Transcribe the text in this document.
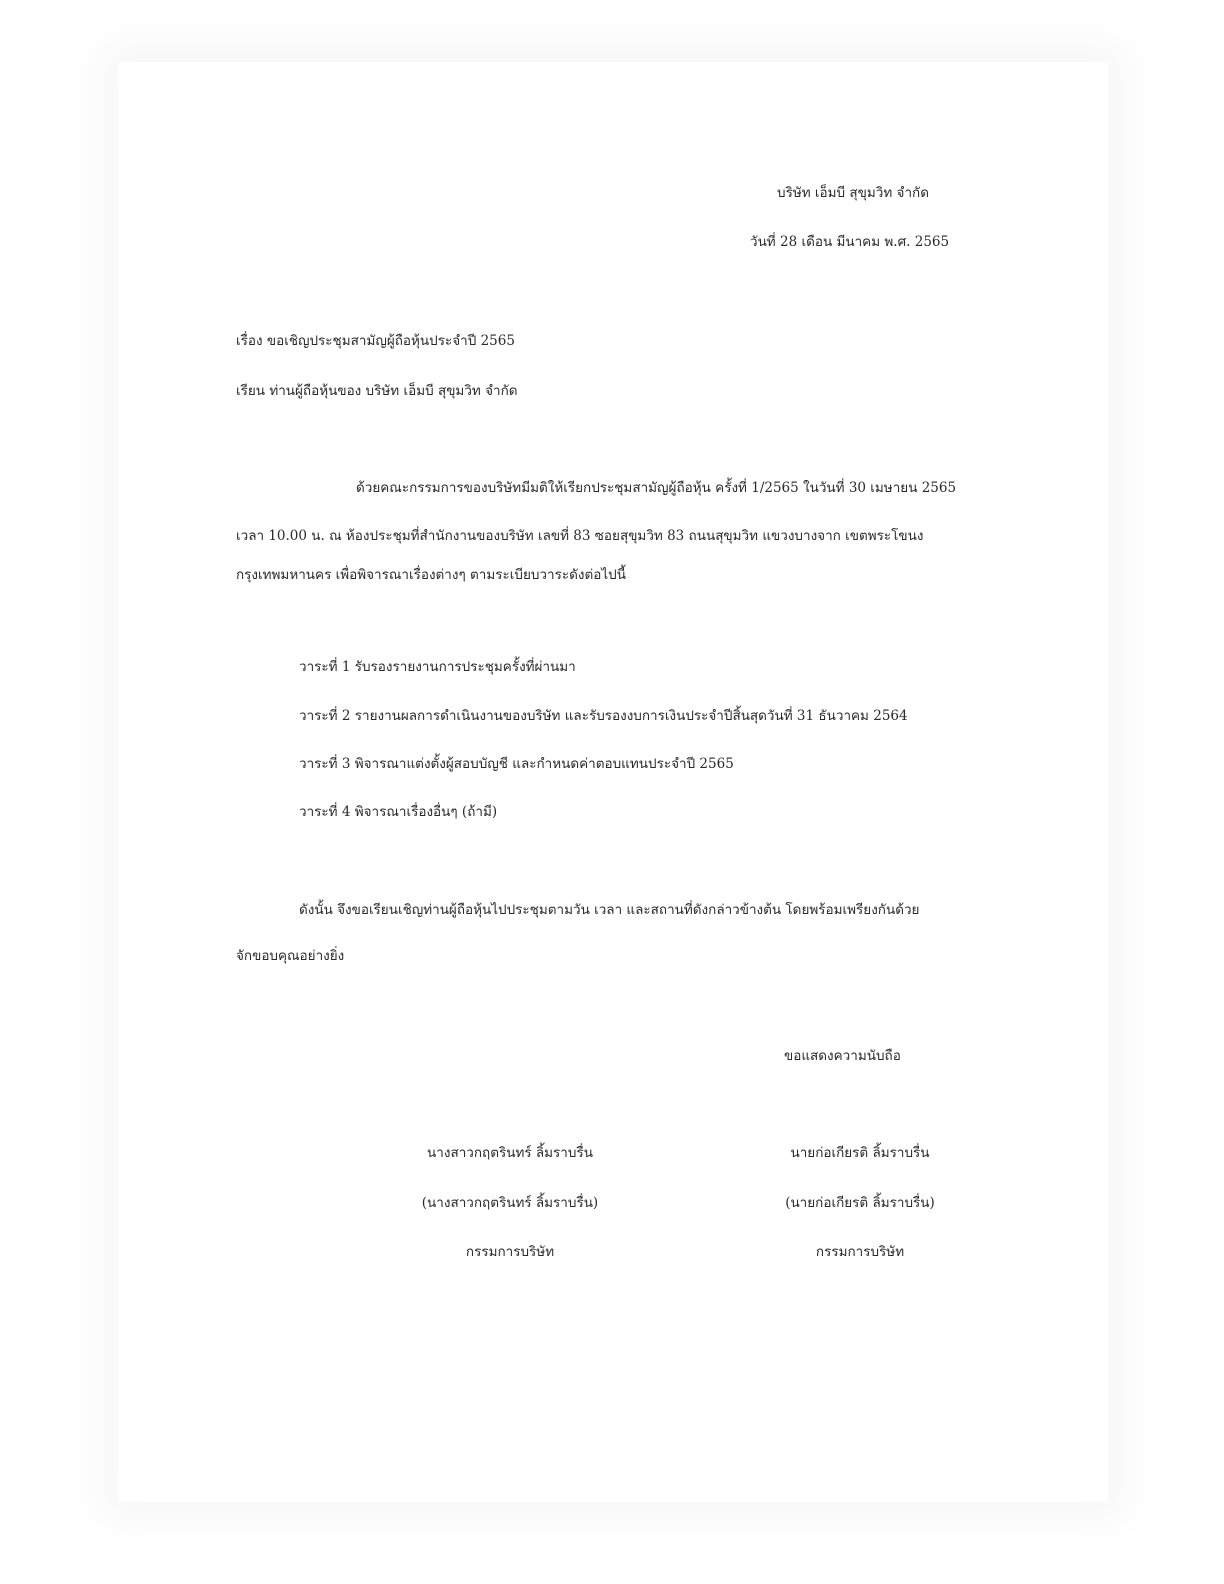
บริษัท เอ็มบี สุขุมวิท จำกัด

วันที่ 28 เดือน มีนาคม พ.ศ. 2565

เรื่อง ขอเชิญประชุมสามัญผู้ถือหุ้นประจำปี 2565
เรียน ท่านผู้ถือหุ้นของ บริษัท เอ็มบี สุขุมวิท จำกัด

ด้วยคณะกรรมการของบริษัทมีมติให้เรียกประชุมสามัญผู้ถือหุ้น ครั้งที่ 1/2565 ในวันที่ 30 เมษายน 2565

เวลา 10.00 น. ณ ห้องประชุมที่สำนักงานของบริษัท เลขที่ 83 ซอยสุขุมวิท 83 ถนนสุขุมวิท แขวงบางจาก เขตพระโขนง

กรุงเทพมหานคร เพื่อพิจารณาเรื่องต่างๆ ตามระเบียบวาระดังต่อไปนี้

วาระที่ 1 รับรองรายงานการประชุมครั้งที่ผ่านมา

วาระที่ 2 รายงานผลการดำเนินงานของบริษัท และรับรองงบการเงินประจำปีสิ้นสุดวันที่ 31 ธันวาคม 2564

วาระที่ 3 พิจารณาแต่งตั้งผู้สอบบัญชี และกำหนดค่าตอบแทนประจำปี 2565

วาระที่ 4 พิจารณาเรื่องอื่นๆ (ถ้ามี)

ดังนั้น จึงขอเรียนเชิญท่านผู้ถือหุ้นไปประชุมตามวัน เวลา และสถานที่ดังกล่าวข้างต้น โดยพร้อมเพรียงกันด้วย

จักขอบคุณอย่างยิ่ง

ขอแสดงความนับถือ

นางสาวกฤตรินทร์ ลิ้มราบรื่น

(นางสาวกฤตรินทร์ ลิ้มราบรื่น)

กรรมการบริษัท

นายก่อเกียรติ ลิ้มราบรื่น

(นายก่อเกียรติ ลิ้มราบรื่น)

กรรมการบริษัท
